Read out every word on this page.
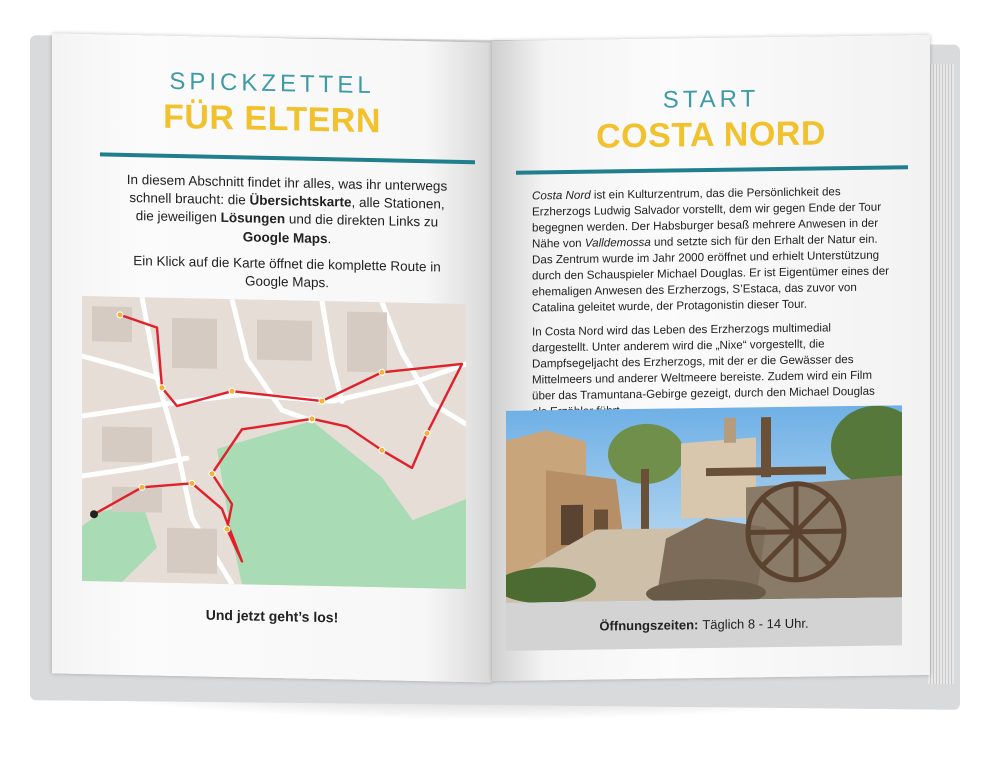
SPICKZETTEL
FÜR ELTERN

In diesem Abschnitt findet ihr alles, was ihr unterwegs schnell braucht: die Übersichtskarte, alle Stationen, die jeweiligen Lösungen und die direkten Links zu Google Maps.

Ein Klick auf die Karte öffnet die komplette Route in Google Maps.

Und jetzt geht’s los!
START
COSTA NORD

Costa Nord ist ein Kulturzentrum, das die Persönlichkeit des Erzherzogs Ludwig Salvador vorstellt, dem wir gegen Ende der Tour begegnen werden. Der Habsburger besaß mehrere Anwesen in der Nähe von Valldemossa und setzte sich für den Erhalt der Natur ein. Das Zentrum wurde im Jahr 2000 eröffnet und erhielt Unterstützung durch den Schauspieler Michael Douglas. Er ist Eigentümer eines der ehemaligen Anwesen des Erzherzogs, S’Estaca, das zuvor von Catalina geleitet wurde, der Protagonistin dieser Tour.

In Costa Nord wird das Leben des Erzherzogs multimedial dargestellt. Unter anderem wird die „Nixe“ vorgestellt, die Dampfsegeljacht des Erzherzogs, mit der er die Gewässer des Mittelmeers und anderer Weltmeere bereiste. Zudem wird ein Film über das Tramuntana-Gebirge gezeigt, durch den Michael Douglas

Öffnungszeiten: Täglich 8 - 14 Uhr.
